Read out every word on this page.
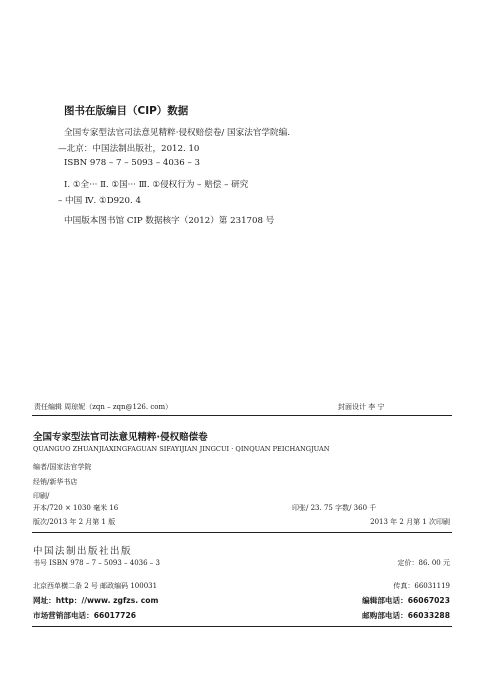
图书在版编目（CIP）数据
全国专家型法官司法意见精粹·侵权赔偿卷/ 国家法官学院编.
—北京：中国法制出版社，2012. 10
ISBN 978 – 7 – 5093 – 4036 – 3
Ⅰ. ①全··· Ⅱ. ①国··· Ⅲ. ①侵权行为 – 赔偿 – 研究
– 中国 Ⅳ. ①D920. 4
中国版本图书馆 CIP 数据核字（2012）第 231708 号
责任编辑 周琼妮（zqn – zqn@126. com）	封面设计 李 宁
全国专家型法官司法意见精粹·侵权赔偿卷
QUANGUO ZHUANJIAXINGFAGUAN SIFAYIJIAN JINGCUI · QINQUAN PEICHANGJUAN
编者/国家法官学院
经销/新华书店
印刷/
开本/720 × 1030 毫米 16	印张/ 23. 75 字数/ 360 千
版次/2013 年 2 月第 1 版	2013 年 2 月第 1 次印刷
中国法制出版社出版
书号 ISBN 978 – 7 – 5093 – 4036 – 3	定价：86. 00 元
北京西单横二条 2 号 邮政编码 100031	传真：66031119
网址：http：//www. zgfzs. com	编辑部电话：66067023
市场营销部电话：66017726	邮购部电话：66033288
